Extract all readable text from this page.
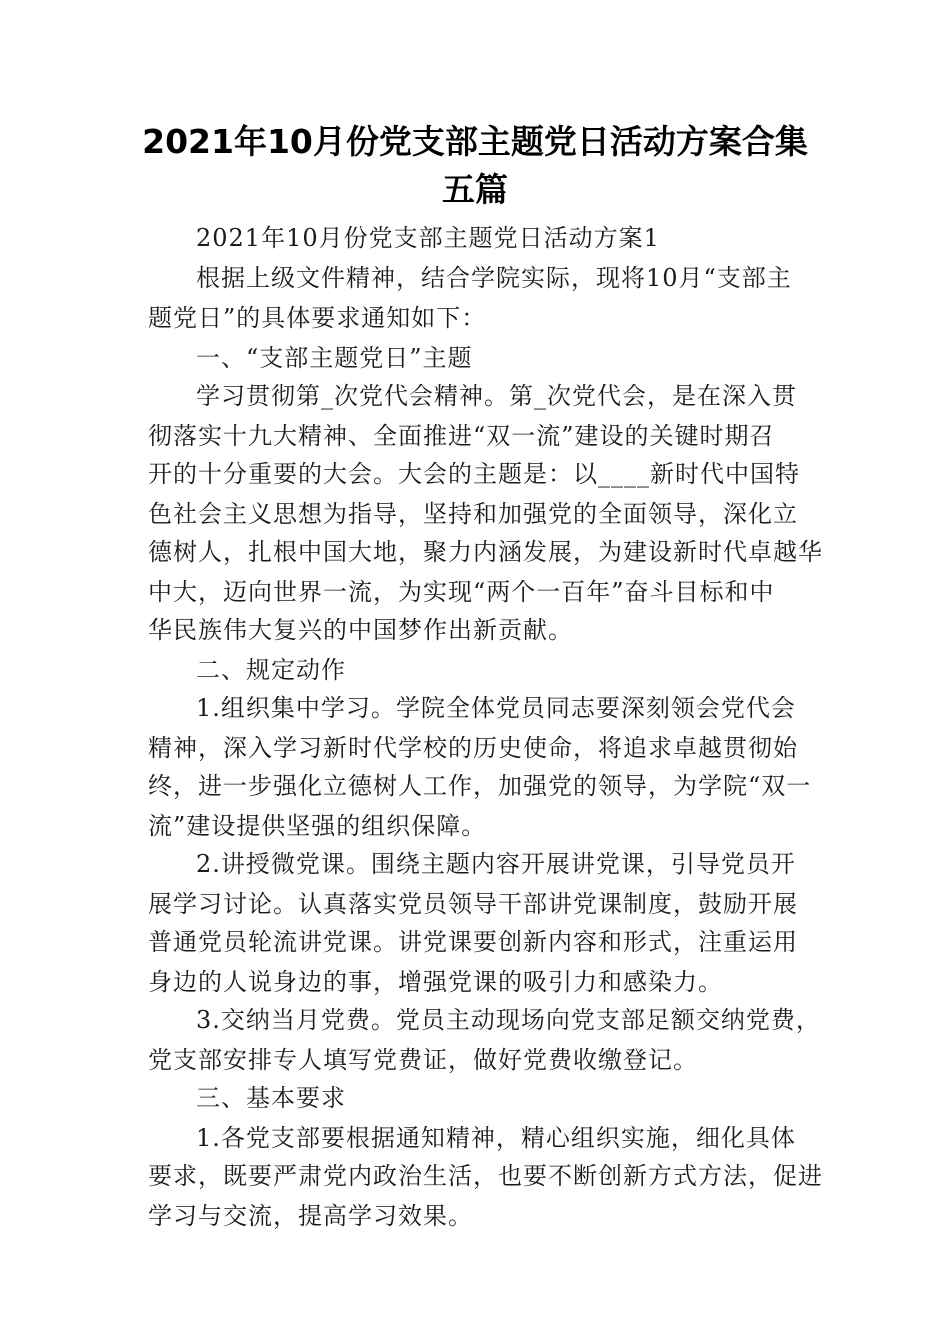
2021年10月份党支部主题党日活动方案合集
五篇

2021年10月份党支部主题党日活动方案1

根据上级文件精神，结合学院实际，现将10月“支部主

题党日”的具体要求通知如下：

一、“支部主题党日”主题

学习贯彻第_次党代会精神。第_次党代会，是在深入贯

彻落实十九大精神、全面推进“双一流”建设的关键时期召

开的十分重要的大会。大会的主题是：以____新时代中国特

色社会主义思想为指导，坚持和加强党的全面领导，深化立

德树人，扎根中国大地，聚力内涵发展，为建设新时代卓越华

中大，迈向世界一流，为实现“两个一百年”奋斗目标和中

华民族伟大复兴的中国梦作出新贡献。

二、规定动作

1.组织集中学习。学院全体党员同志要深刻领会党代会

精神，深入学习新时代学校的历史使命，将追求卓越贯彻始

终，进一步强化立德树人工作，加强党的领导，为学院“双一

流”建设提供坚强的组织保障。

2.讲授微党课。围绕主题内容开展讲党课，引导党员开

展学习讨论。认真落实党员领导干部讲党课制度，鼓励开展

普通党员轮流讲党课。讲党课要创新内容和形式，注重运用

身边的人说身边的事，增强党课的吸引力和感染力。

3.交纳当月党费。党员主动现场向党支部足额交纳党费，

党支部安排专人填写党费证，做好党费收缴登记。

三、基本要求

1.各党支部要根据通知精神，精心组织实施，细化具体

要求，既要严肃党内政治生活，也要不断创新方式方法，促进

学习与交流，提高学习效果。
